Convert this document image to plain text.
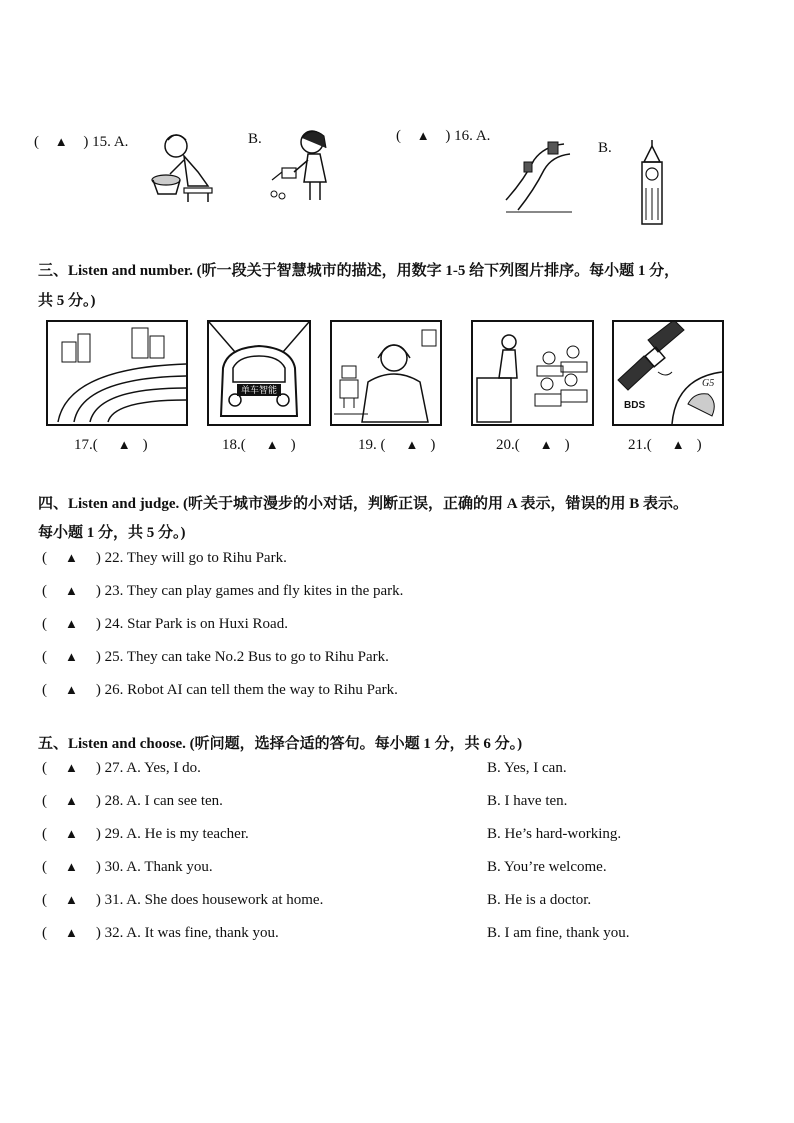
( ▲ ) 15. A.	B.	( ▲ ) 16. A.
B.
三、Listen and number. (听一段关于智慧城市的描述，用数字 1-5 给下列图片排序。每小题 1 分，
共 5 分。)
单车智能
BDS
G5
17.( ▲ )	18.( ▲ )	19. ( ▲ )	20.( ▲ )	21.( ▲ )
四、Listen and judge. (听关于城市漫步的小对话，判断正误，正确的用 A 表示，错误的用 B 表示。
每小题 1 分，共 5 分。)
( ▲ ) 22. They will go to Rihu Park.
( ▲ ) 23. They can play games and fly kites in the park.
( ▲ ) 24. Star Park is on Huxi Road.
( ▲ ) 25. They can take No.2 Bus to go to Rihu Park.
( ▲ ) 26. Robot AI can tell them the way to Rihu Park.
五、Listen and choose. (听问题，选择合适的答句。每小题 1 分，共 6 分。)
( ▲ ) 27. A. Yes, I do.	B. Yes, I can.
( ▲ ) 28. A. I can see ten.	B. I have ten.
( ▲ ) 29. A. He is my teacher.	B. He’s hard-working.
( ▲ ) 30. A. Thank you.	B. You’re welcome.
( ▲ ) 31. A. She does housework at home.	B. He is a doctor.
( ▲ ) 32. A. It was fine, thank you.	B. I am fine, thank you.
